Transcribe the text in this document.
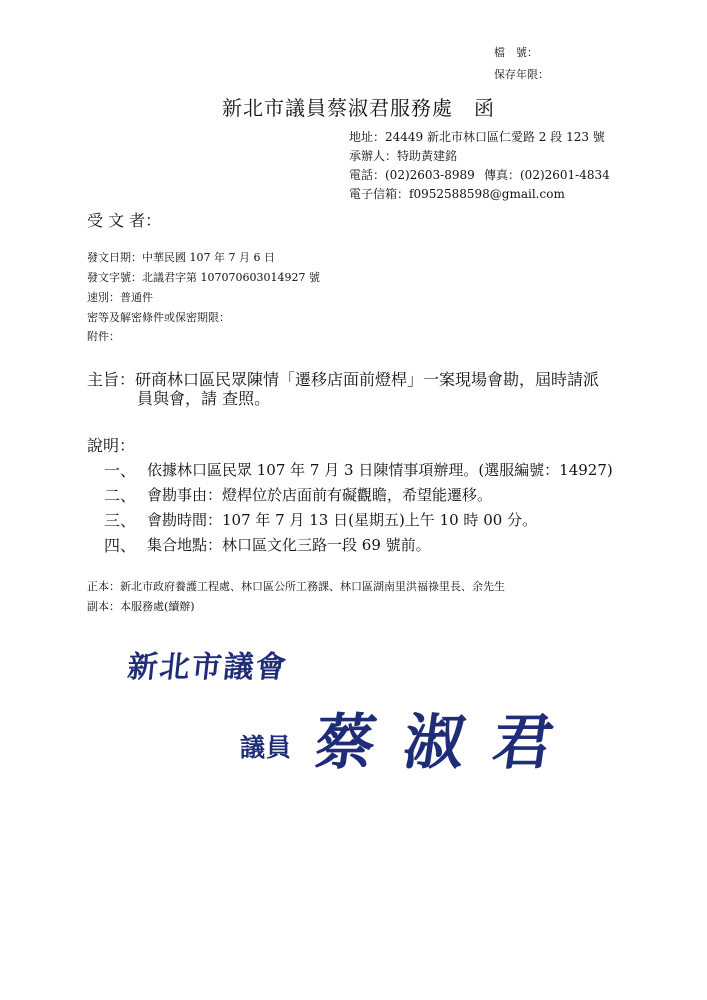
檔　號：
保存年限：
新北市議員蔡淑君服務處　函
地址：24449 新北市林口區仁愛路 2 段 123 號
承辦人：特助黃建銘
電話：(02)2603-8989 傳真：(02)2601-4834
電子信箱：f0952588598@gmail.com
受 文 者：
發文日期：中華民國 107 年 7 月 6 日
發文字號：北議君字第 107070603014927 號
速別：普通件
密等及解密條件或保密期限：
附件：
主旨：研商林口區民眾陳情「遷移店面前燈桿」一案現場會勘，屆時請派
員與會，請 查照。
說明：
一、 依據林口區民眾 107 年 7 月 3 日陳情事項辦理。(選服編號：14927)
二、 會勘事由：燈桿位於店面前有礙觀瞻，希望能遷移。
三、 會勘時間：107 年 7 月 13 日(星期五)上午 10 時 00 分。
四、 集合地點：林口區文化三路一段 69 號前。
正本：新北市政府養護工程處、林口區公所工務課、林口區湖南里洪福祿里長、余先生
副本：本服務處(續辦)
新北市議會
議員 蔡 淑 君
